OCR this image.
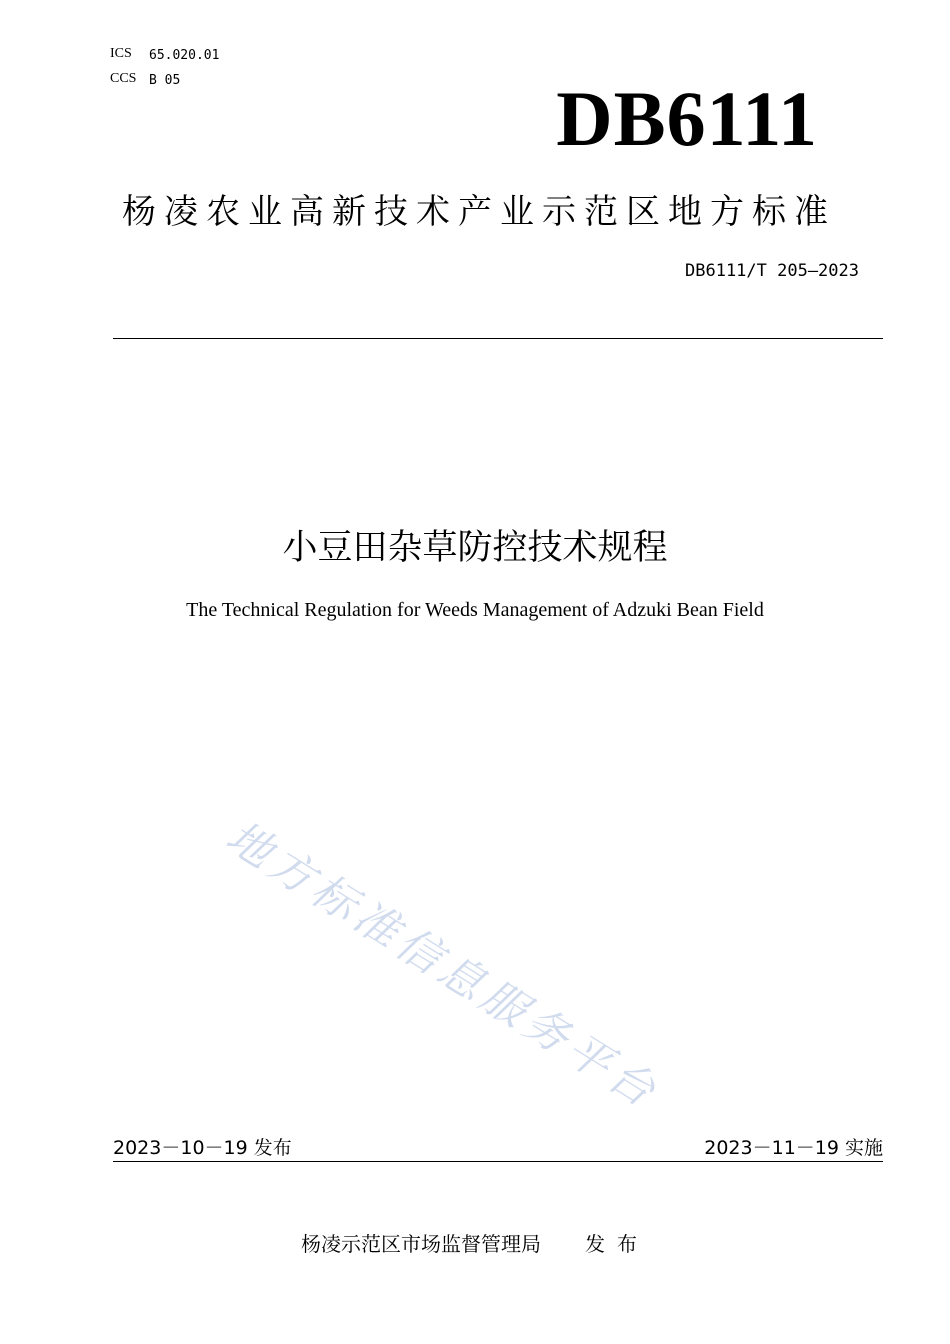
ICS 65.020.01
CCS B 05	DB6111
杨凌农业高新技术产业示范区地方标准
DB6111/T 205—2023
小豆田杂草防控技术规程
The Technical Regulation for Weeds Management of Adzuki Bean Field
地方标准信息服务平台
2023－10－19 发布	2023－11－19 实施
杨凌示范区市场监督管理局 发布
